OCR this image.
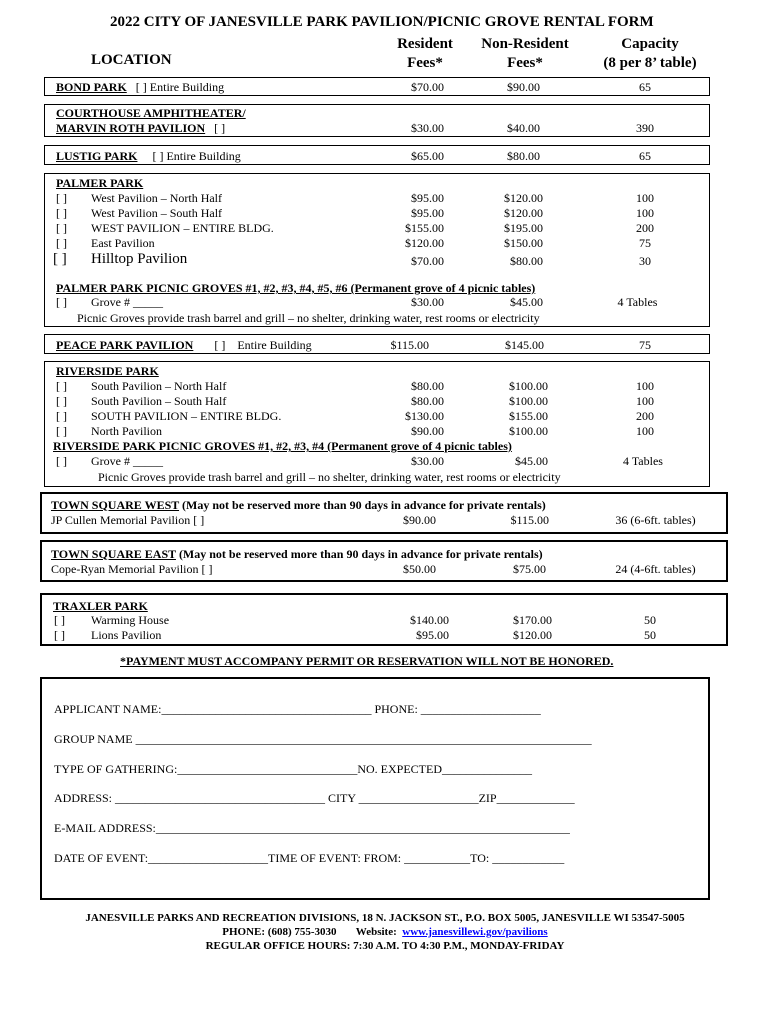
2022 CITY OF JANESVILLE PARK PAVILION/PICNIC GROVE RENTAL FORM
LOCATION
Resident
Fees*
Non-Resident
Fees*
Capacity
(8 per 8’ table)
BOND PARK [ ] Entire Building	$70.00	$90.00	65
COURTHOUSE AMPHITHEATER/
MARVIN ROTH PAVILION [ ]	$30.00	$40.00	390
LUSTIG PARK [ ] Entire Building	$65.00	$80.00	65
PALMER PARK
[ ] West Pavilion – North Half	$95.00	$120.00	100
[ ] West Pavilion – South Half	$95.00	$120.00	100
[ ] WEST PAVILION – ENTIRE BLDG.	$155.00	$195.00	200
[ ] East Pavilion	$120.00	$150.00	75
[ ] Hilltop Pavilion	$70.00	$80.00	30
PALMER PARK PICNIC GROVES #1, #2, #3, #4, #5, #6 (Permanent grove of 4 picnic tables)
[ ] Grove # _____	$30.00	$45.00	4 Tables
Picnic Groves provide trash barrel and grill – no shelter, drinking water, rest rooms or electricity
PEACE PARK PAVILION [ ] Entire Building	$115.00	$145.00	75
RIVERSIDE PARK
[ ] South Pavilion – North Half	$80.00	$100.00	100
[ ] South Pavilion – South Half	$80.00	$100.00	100
[ ] SOUTH PAVILION – ENTIRE BLDG.	$130.00	$155.00	200
[ ] North Pavilion	$90.00	$100.00	100
RIVERSIDE PARK PICNIC GROVES #1, #2, #3, #4 (Permanent grove of 4 picnic tables)
[ ] Grove # _____	$30.00	$45.00	4 Tables
Picnic Groves provide trash barrel and grill – no shelter, drinking water, rest rooms or electricity
TOWN SQUARE WEST (May not be reserved more than 90 days in advance for private rentals)
JP Cullen Memorial Pavilion [ ]	$90.00	$115.00	36 (6-6ft. tables)
TOWN SQUARE EAST (May not be reserved more than 90 days in advance for private rentals)
Cope-Ryan Memorial Pavilion [ ]	$50.00	$75.00	24 (4-6ft. tables)
TRAXLER PARK
[ ] Warming House	$140.00	$170.00	50
[ ] Lions Pavilion	$95.00	$120.00	50
*PAYMENT MUST ACCOMPANY PERMIT OR RESERVATION WILL NOT BE HONORED.
APPLICANT NAME:___________________________________ PHONE: ____________________
GROUP NAME ____________________________________________________________________________
TYPE OF GATHERING:______________________________NO. EXPECTED_______________
ADDRESS: ___________________________________ CITY ____________________ZIP_____________
E-MAIL ADDRESS:_____________________________________________________________________
DATE OF EVENT:____________________TIME OF EVENT: FROM: ___________TO: ____________
JANESVILLE PARKS AND RECREATION DIVISIONS, 18 N. JACKSON ST., P.O. BOX 5005, JANESVILLE WI 53547-5005
PHONE: (608) 755-3030 Website: www.janesvillewi.gov/pavilions
REGULAR OFFICE HOURS: 7:30 A.M. TO 4:30 P.M., MONDAY-FRIDAY
